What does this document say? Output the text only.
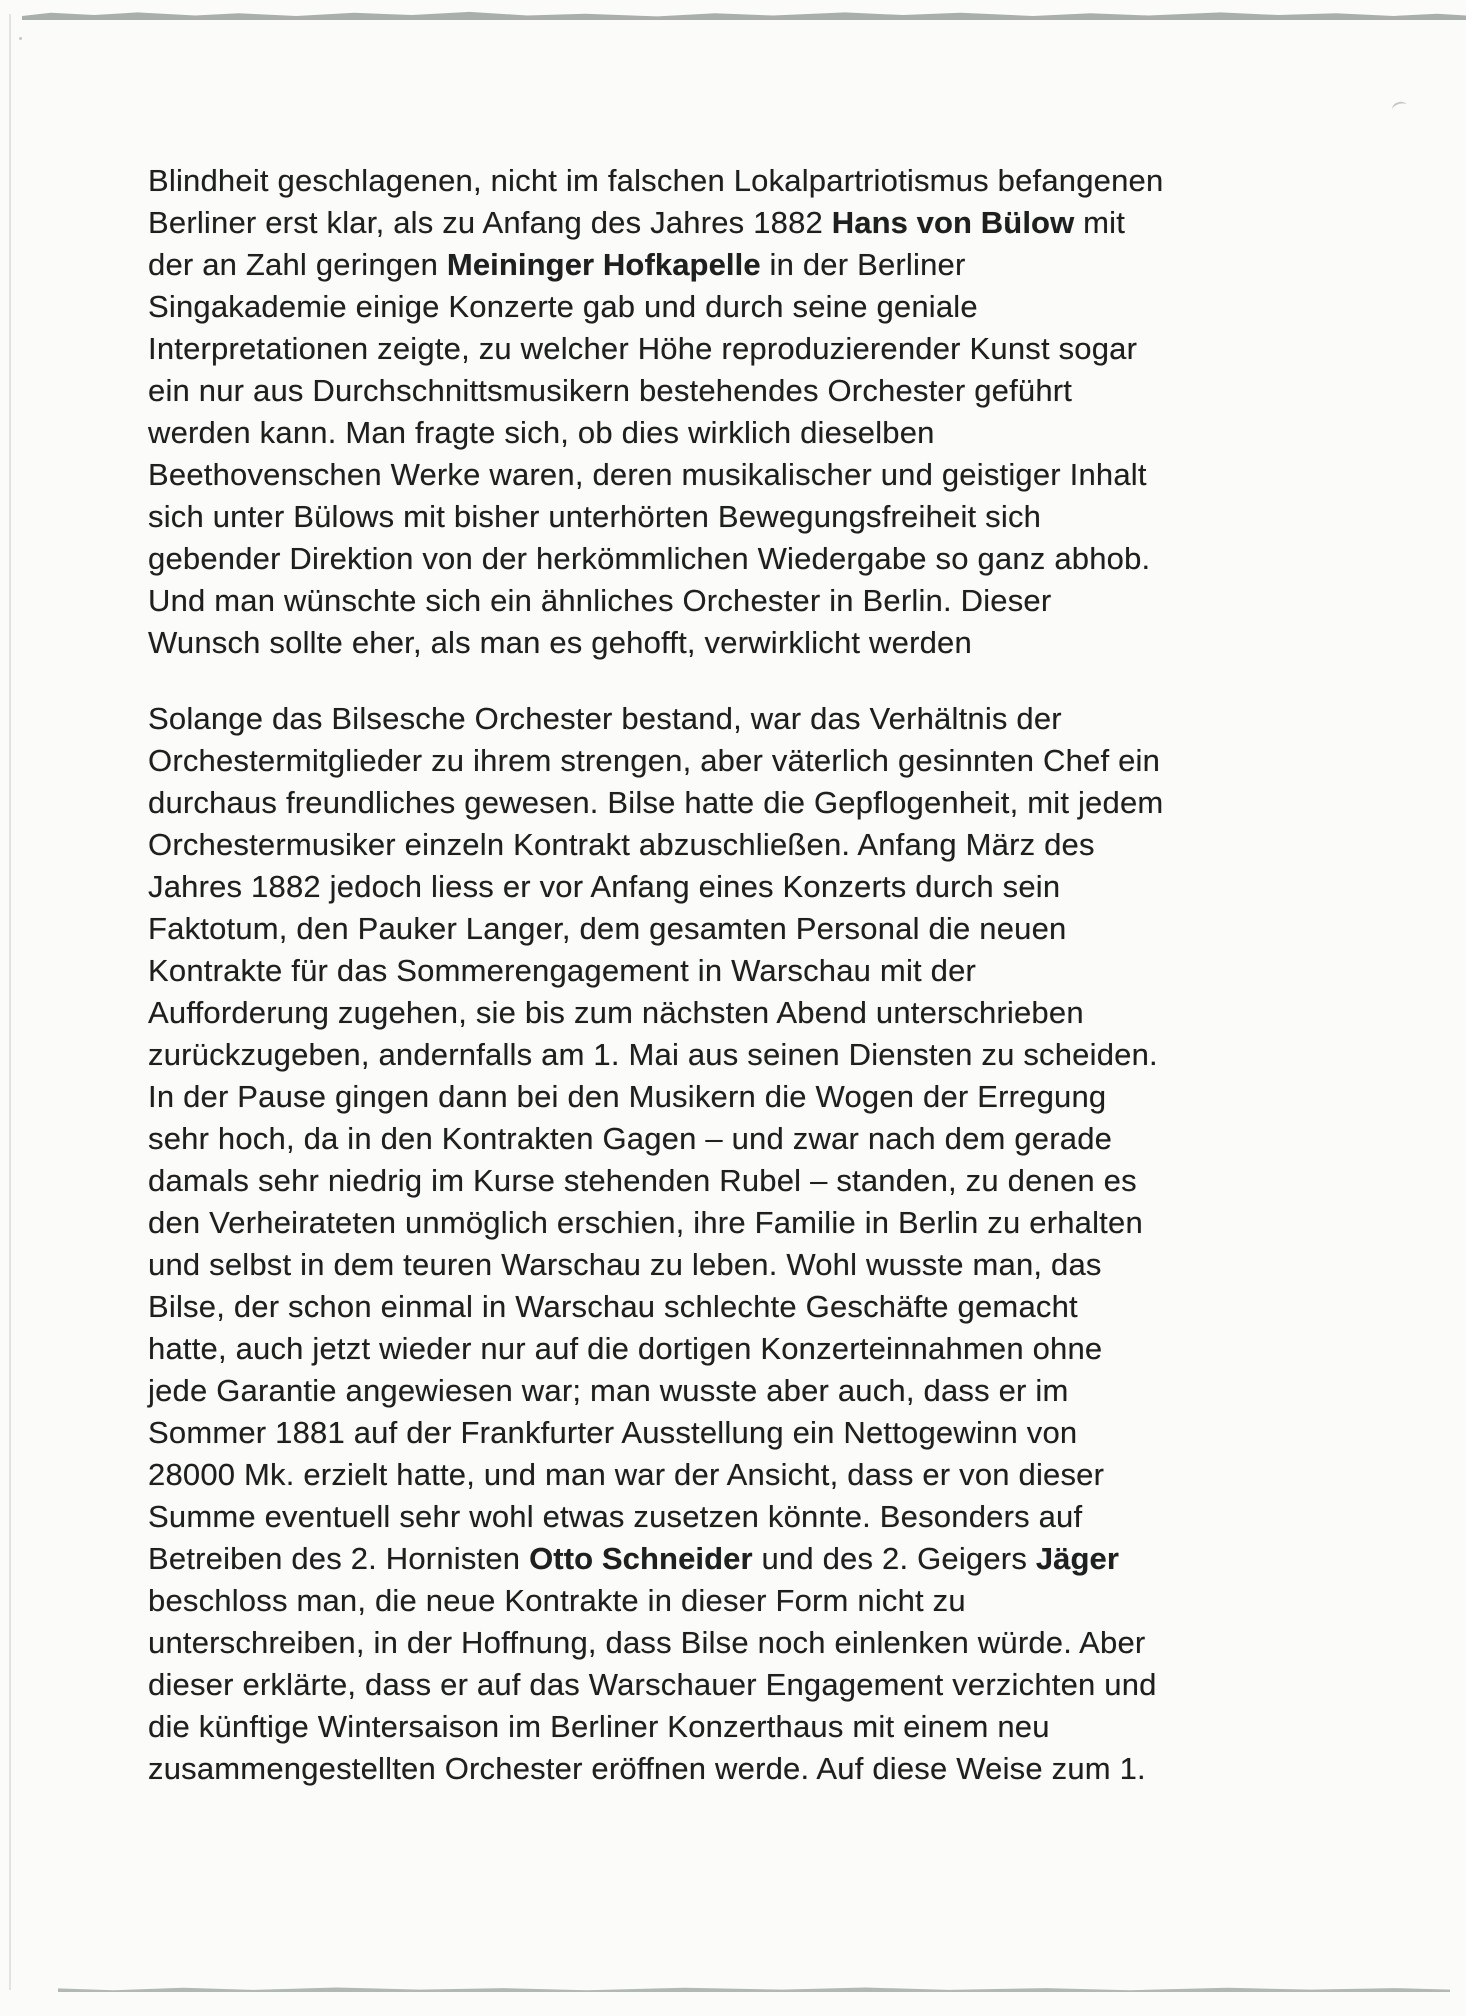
Blindheit geschlagenen, nicht im falschen Lokalpartriotismus befangenen
Berliner erst klar, als zu Anfang des Jahres 1882 Hans von Bülow mit
der an Zahl geringen Meininger Hofkapelle in der Berliner
Singakademie einige Konzerte gab und durch seine geniale
Interpretationen zeigte, zu welcher Höhe reproduzierender Kunst sogar
ein nur aus Durchschnittsmusikern bestehendes Orchester geführt
werden kann. Man fragte sich, ob dies wirklich dieselben
Beethovenschen Werke waren, deren musikalischer und geistiger Inhalt
sich unter Bülows mit bisher unterhörten Bewegungsfreiheit sich
gebender Direktion von der herkömmlichen Wiedergabe so ganz abhob.
Und man wünschte sich ein ähnliches Orchester in Berlin. Dieser
Wunsch sollte eher, als man es gehofft, verwirklicht werden
Solange das Bilsesche Orchester bestand, war das Verhältnis der
Orchestermitglieder zu ihrem strengen, aber väterlich gesinnten Chef ein
durchaus freundliches gewesen. Bilse hatte die Gepflogenheit, mit jedem
Orchestermusiker einzeln Kontrakt abzuschließen. Anfang März des
Jahres 1882 jedoch liess er vor Anfang eines Konzerts durch sein
Faktotum, den Pauker Langer, dem gesamten Personal die neuen
Kontrakte für das Sommerengagement in Warschau mit der
Aufforderung zugehen, sie bis zum nächsten Abend unterschrieben
zurückzugeben, andernfalls am 1. Mai aus seinen Diensten zu scheiden.
In der Pause gingen dann bei den Musikern die Wogen der Erregung
sehr hoch, da in den Kontrakten Gagen – und zwar nach dem gerade
damals sehr niedrig im Kurse stehenden Rubel – standen, zu denen es
den Verheirateten unmöglich erschien, ihre Familie in Berlin zu erhalten
und selbst in dem teuren Warschau zu leben. Wohl wusste man, das
Bilse, der schon einmal in Warschau schlechte Geschäfte gemacht
hatte, auch jetzt wieder nur auf die dortigen Konzerteinnahmen ohne
jede Garantie angewiesen war; man wusste aber auch, dass er im
Sommer 1881 auf der Frankfurter Ausstellung ein Nettogewinn von
28000 Mk. erzielt hatte, und man war der Ansicht, dass er von dieser
Summe eventuell sehr wohl etwas zusetzen könnte. Besonders auf
Betreiben des 2. Hornisten Otto Schneider und des 2. Geigers Jäger
beschloss man, die neue Kontrakte in dieser Form nicht zu
unterschreiben, in der Hoffnung, dass Bilse noch einlenken würde. Aber
dieser erklärte, dass er auf das Warschauer Engagement verzichten und
die künftige Wintersaison im Berliner Konzerthaus mit einem neu
zusammengestellten Orchester eröffnen werde. Auf diese Weise zum 1.
